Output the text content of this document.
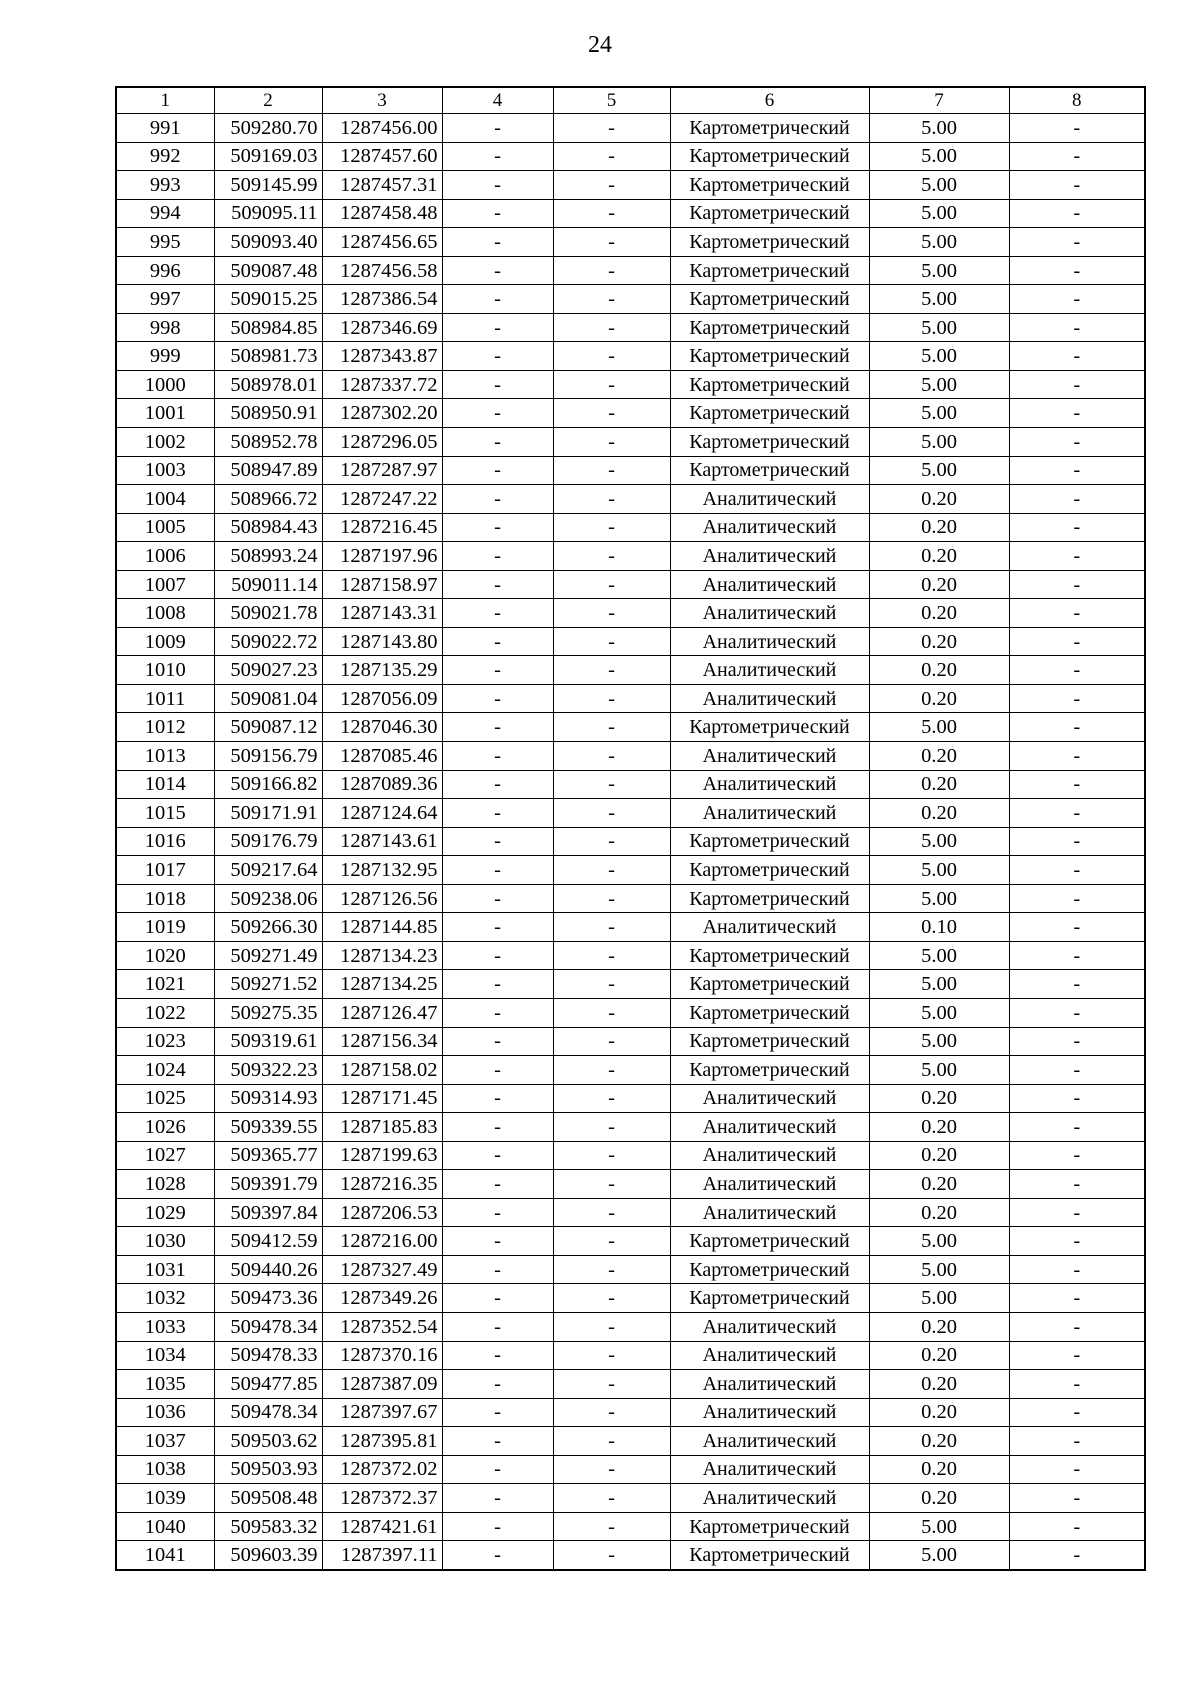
24
1	2	3	4	5	6	7	8
991	509280.70	1287456.00	-	-	Картометрический	5.00	-
992	509169.03	1287457.60	-	-	Картометрический	5.00	-
993	509145.99	1287457.31	-	-	Картометрический	5.00	-
994	509095.11	1287458.48	-	-	Картометрический	5.00	-
995	509093.40	1287456.65	-	-	Картометрический	5.00	-
996	509087.48	1287456.58	-	-	Картометрический	5.00	-
997	509015.25	1287386.54	-	-	Картометрический	5.00	-
998	508984.85	1287346.69	-	-	Картометрический	5.00	-
999	508981.73	1287343.87	-	-	Картометрический	5.00	-
1000	508978.01	1287337.72	-	-	Картометрический	5.00	-
1001	508950.91	1287302.20	-	-	Картометрический	5.00	-
1002	508952.78	1287296.05	-	-	Картометрический	5.00	-
1003	508947.89	1287287.97	-	-	Картометрический	5.00	-
1004	508966.72	1287247.22	-	-	Аналитический	0.20	-
1005	508984.43	1287216.45	-	-	Аналитический	0.20	-
1006	508993.24	1287197.96	-	-	Аналитический	0.20	-
1007	509011.14	1287158.97	-	-	Аналитический	0.20	-
1008	509021.78	1287143.31	-	-	Аналитический	0.20	-
1009	509022.72	1287143.80	-	-	Аналитический	0.20	-
1010	509027.23	1287135.29	-	-	Аналитический	0.20	-
1011	509081.04	1287056.09	-	-	Аналитический	0.20	-
1012	509087.12	1287046.30	-	-	Картометрический	5.00	-
1013	509156.79	1287085.46	-	-	Аналитический	0.20	-
1014	509166.82	1287089.36	-	-	Аналитический	0.20	-
1015	509171.91	1287124.64	-	-	Аналитический	0.20	-
1016	509176.79	1287143.61	-	-	Картометрический	5.00	-
1017	509217.64	1287132.95	-	-	Картометрический	5.00	-
1018	509238.06	1287126.56	-	-	Картометрический	5.00	-
1019	509266.30	1287144.85	-	-	Аналитический	0.10	-
1020	509271.49	1287134.23	-	-	Картометрический	5.00	-
1021	509271.52	1287134.25	-	-	Картометрический	5.00	-
1022	509275.35	1287126.47	-	-	Картометрический	5.00	-
1023	509319.61	1287156.34	-	-	Картометрический	5.00	-
1024	509322.23	1287158.02	-	-	Картометрический	5.00	-
1025	509314.93	1287171.45	-	-	Аналитический	0.20	-
1026	509339.55	1287185.83	-	-	Аналитический	0.20	-
1027	509365.77	1287199.63	-	-	Аналитический	0.20	-
1028	509391.79	1287216.35	-	-	Аналитический	0.20	-
1029	509397.84	1287206.53	-	-	Аналитический	0.20	-
1030	509412.59	1287216.00	-	-	Картометрический	5.00	-
1031	509440.26	1287327.49	-	-	Картометрический	5.00	-
1032	509473.36	1287349.26	-	-	Картометрический	5.00	-
1033	509478.34	1287352.54	-	-	Аналитический	0.20	-
1034	509478.33	1287370.16	-	-	Аналитический	0.20	-
1035	509477.85	1287387.09	-	-	Аналитический	0.20	-
1036	509478.34	1287397.67	-	-	Аналитический	0.20	-
1037	509503.62	1287395.81	-	-	Аналитический	0.20	-
1038	509503.93	1287372.02	-	-	Аналитический	0.20	-
1039	509508.48	1287372.37	-	-	Аналитический	0.20	-
1040	509583.32	1287421.61	-	-	Картометрический	5.00	-
1041	509603.39	1287397.11	-	-	Картометрический	5.00	-
